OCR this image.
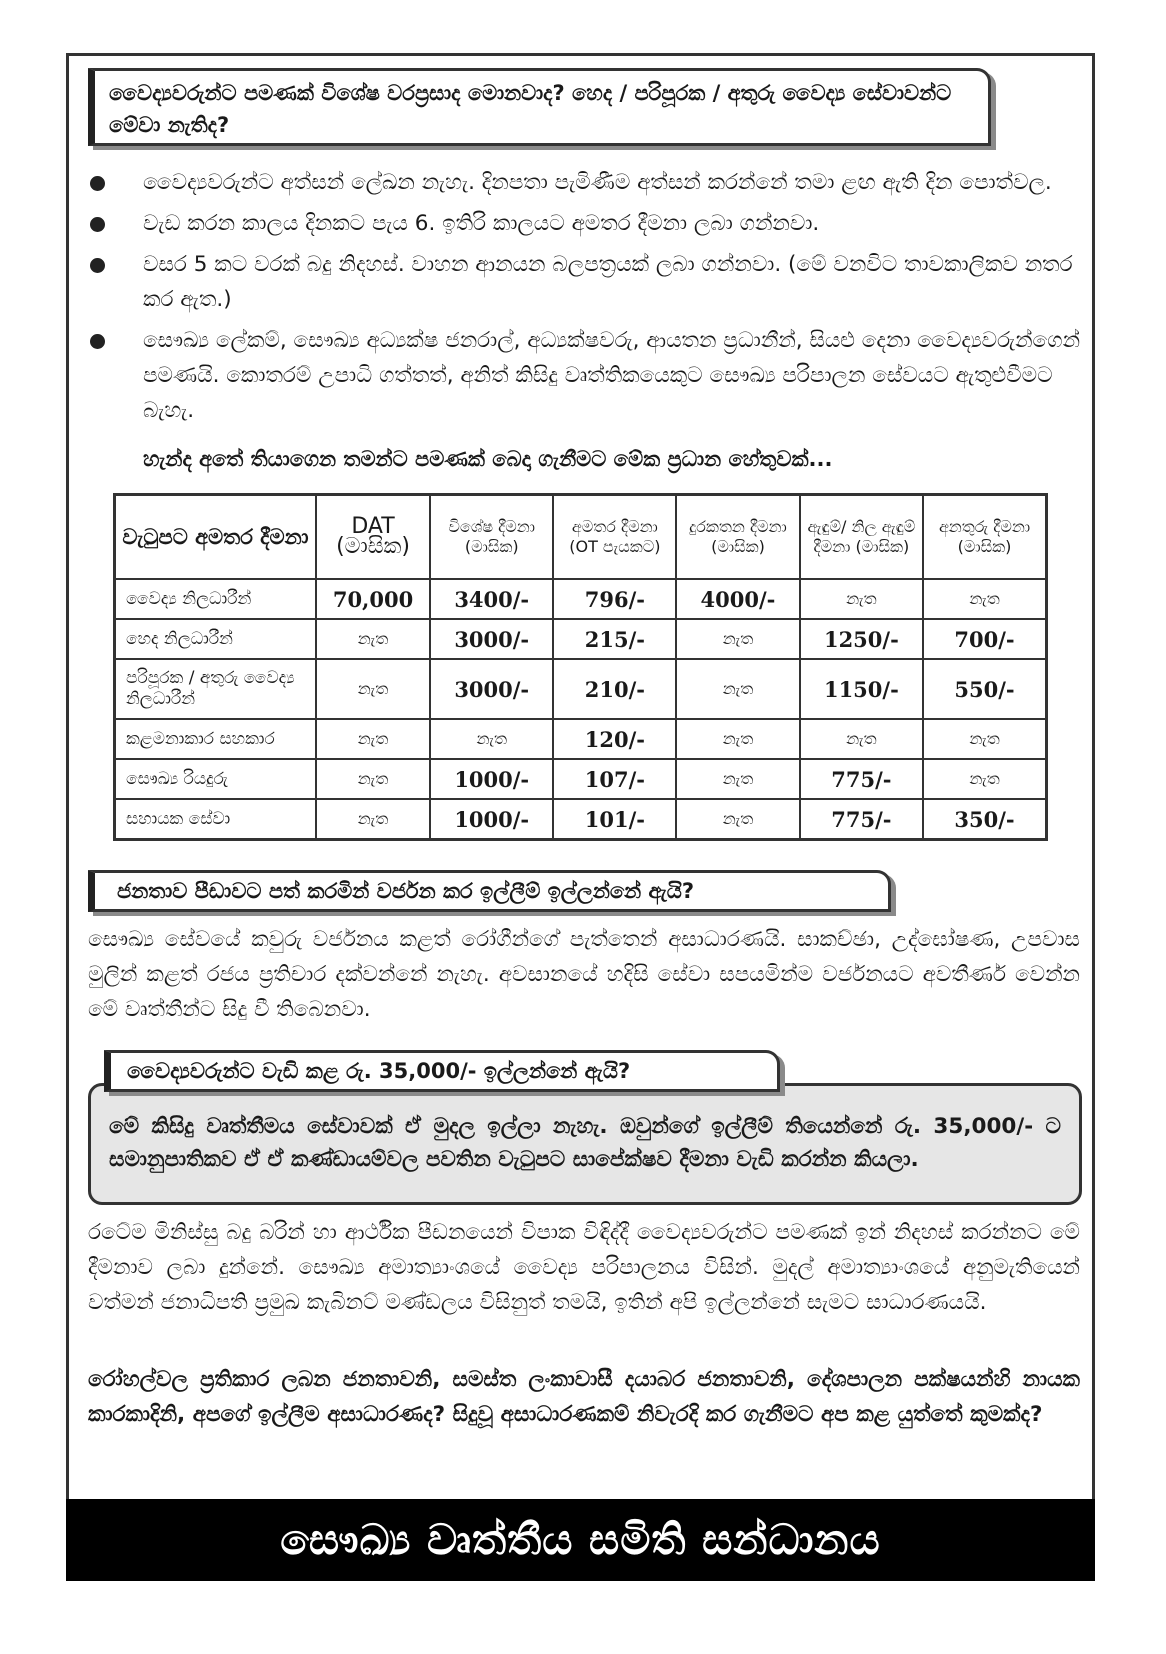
වෛද්‍යවරුන්ට පමණක් විශේෂ වරප්‍රසාද මොනවාද? හෙද / පරිපූරක / අතුරු වෛද්‍ය සේවාවන්ට මේවා නැතිද?
වෛද්‍යවරුන්ට අත්සන් ලේඛන නැහැ. දිනපතා පැමිණීම අත්සන් කරන්නේ තමා ළඟ ඇති දින පොත්වල.
වැඩ කරන කාලය දිනකට පැය 6. ඉතිරි කාලයට අමතර දීමනා ලබා ගන්නවා.
වසර 5 කට වරක් බදු නිදහස්. වාහන ආනයන බලපත්‍රයක් ලබා ගන්නවා. (මේ වනවිට තාවකාලිකව නතර කර ඇත.)
සෞඛ්‍ය ලේකම්, සෞඛ්‍ය අධ්‍යක්ෂ ජනරාල්, අධ්‍යක්ෂවරු, ආයතන ප්‍රධානීන්, සියළු දෙනා වෛද්‍යවරුන්ගෙන් පමණයි. කොතරම් උපාධි ගත්තත්, අනිත් කිසිදු වෘත්තිකයෙකුට සෞඛ්‍ය පරිපාලන සේවයට ඇතුළුවීමට බැහැ.
හැන්ද අතේ තියාගෙන තමන්ට පමණක් බෙදා ගැනීමට මේක ප්‍රධාන හේතුවක්...
වැටුපට අමතර දීමනා	DAT (මාසික)	විශේෂ දීමනා (මාසික)	අමතර දීමනා (OT පැයකට)	දුරකතන දීමනා (මාසික)	ඇඳුම්/ නිල ඇඳුම් දීමනා (මාසික)	අනතුරු දීමනා (මාසික)
වෛද්‍ය නිලධාරීන්	70,000	3400/-	796/-	4000/-	නැත	නැත
හෙද නිලධාරීන්	නැත	3000/-	215/-	නැත	1250/-	700/-
පරිපූරක / අතුරු වෛද්‍ය නිලධාරීන්	නැත	3000/-	210/-	නැත	1150/-	550/-
කළමනාකාර සහකාර	නැත	නැත	120/-	නැත	නැත	නැත
සෞඛ්‍ය රියදුරු	නැත	1000/-	107/-	නැත	775/-	නැත
සහායක සේවා	නැත	1000/-	101/-	නැත	775/-	350/-
ජනතාව පීඩාවට පත් කරමින් වර්ජන කර ඉල්ලීම් ඉල්ලන්නේ ඇයි?

සෞඛ්‍ය සේවයේ කවුරු වර්ජනය කළත් රෝගීන්ගේ පැත්තෙන් අසාධාරණයි. සාකච්ඡා, උද්ඝෝෂණ, උපවාස මුලින් කළත් රජය ප්‍රතිචාර දක්වන්නේ නැහැ. අවසානයේ හදිසි සේවා සපයමින්ම වර්ජනයට අවතීර්ණ වෙන්න මේ වෘත්තීන්ට සිදු වී තිබෙනවා.

මේ කිසිදු වෘත්තීමය සේවාවක් ඒ මුදල ඉල්ලා නැහැ. ඔවුන්ගේ ඉල්ලීම් තියෙන්නේ රු. 35,000/- ට සමානුපාතිකව ඒ ඒ කණ්ඩායම්වල පවතින වැටුපට සාපේක්ෂව දීමනා වැඩි කරන්න කියලා.

වෛද්‍යවරුන්ට වැඩි කළ රු. 35,000/- ඉල්ලන්නේ ඇයි?

රටේම මිනිස්සු බදු බරින් හා ආර්ථික පීඩනයෙන් විපාක විඳිද්දී වෛද්‍යවරුන්ට පමණක් ඉන් නිදහස් කරන්නට මේ දීමනාව ලබා දුන්නේ. සෞඛ්‍ය අමාත්‍යාංශයේ වෛද්‍ය පරිපාලනය විසින්. මුදල් අමාත්‍යාංශයේ අනුමැතියෙන් වත්මන් ජනාධිපති ප්‍රමුඛ කැබිනට් මණ්ඩලය විසිනුත් තමයි, ඉතින් අපි ඉල්ලන්නේ සැමට සාධාරණයයි.

රෝහල්වල ප්‍රතිකාර ලබන ජනතාවනි, සමස්ත ලංකාවාසී දයාබර ජනතාවනි, දේශපාලන පක්ෂයන්හි නායක කාරකාදිනි, අපගේ ඉල්ලීම අසාධාරණද? සිදුවූ අසාධාරණකම් නිවැරදි කර ගැනීමට අප කළ යුත්තේ කුමක්ද?

සෞඛ්‍ය වෘත්තීය සමිති සන්ධානය
